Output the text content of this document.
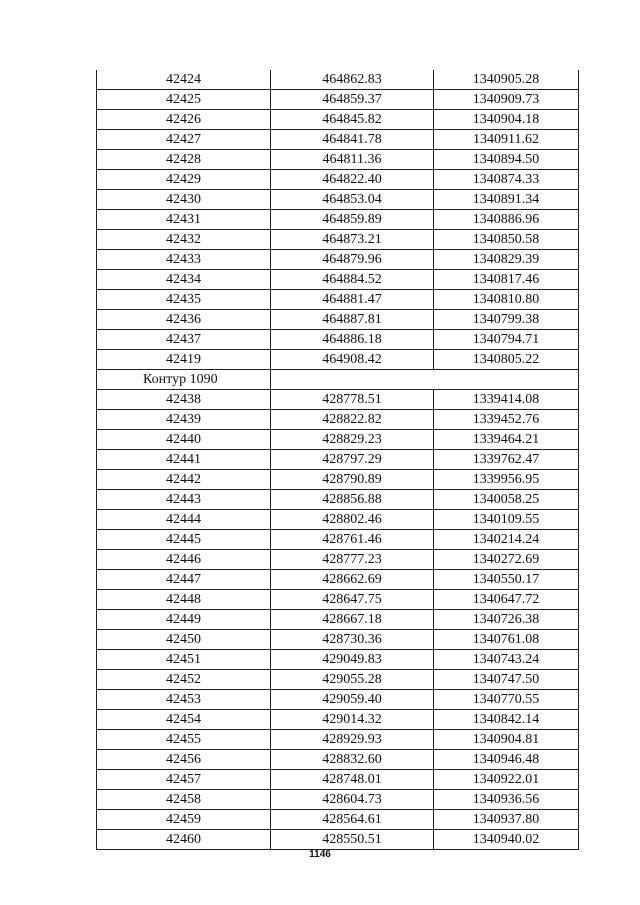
42424	464862.83	1340905.28
42425	464859.37	1340909.73
42426	464845.82	1340904.18
42427	464841.78	1340911.62
42428	464811.36	1340894.50
42429	464822.40	1340874.33
42430	464853.04	1340891.34
42431	464859.89	1340886.96
42432	464873.21	1340850.58
42433	464879.96	1340829.39
42434	464884.52	1340817.46
42435	464881.47	1340810.80
42436	464887.81	1340799.38
42437	464886.18	1340794.71
42419	464908.42	1340805.22
Контур 1090		
42438	428778.51	1339414.08
42439	428822.82	1339452.76
42440	428829.23	1339464.21
42441	428797.29	1339762.47
42442	428790.89	1339956.95
42443	428856.88	1340058.25
42444	428802.46	1340109.55
42445	428761.46	1340214.24
42446	428777.23	1340272.69
42447	428662.69	1340550.17
42448	428647.75	1340647.72
42449	428667.18	1340726.38
42450	428730.36	1340761.08
42451	429049.83	1340743.24
42452	429055.28	1340747.50
42453	429059.40	1340770.55
42454	429014.32	1340842.14
42455	428929.93	1340904.81
42456	428832.60	1340946.48
42457	428748.01	1340922.01
42458	428604.73	1340936.56
42459	428564.61	1340937.80
42460	428550.51	1340940.02
1146
